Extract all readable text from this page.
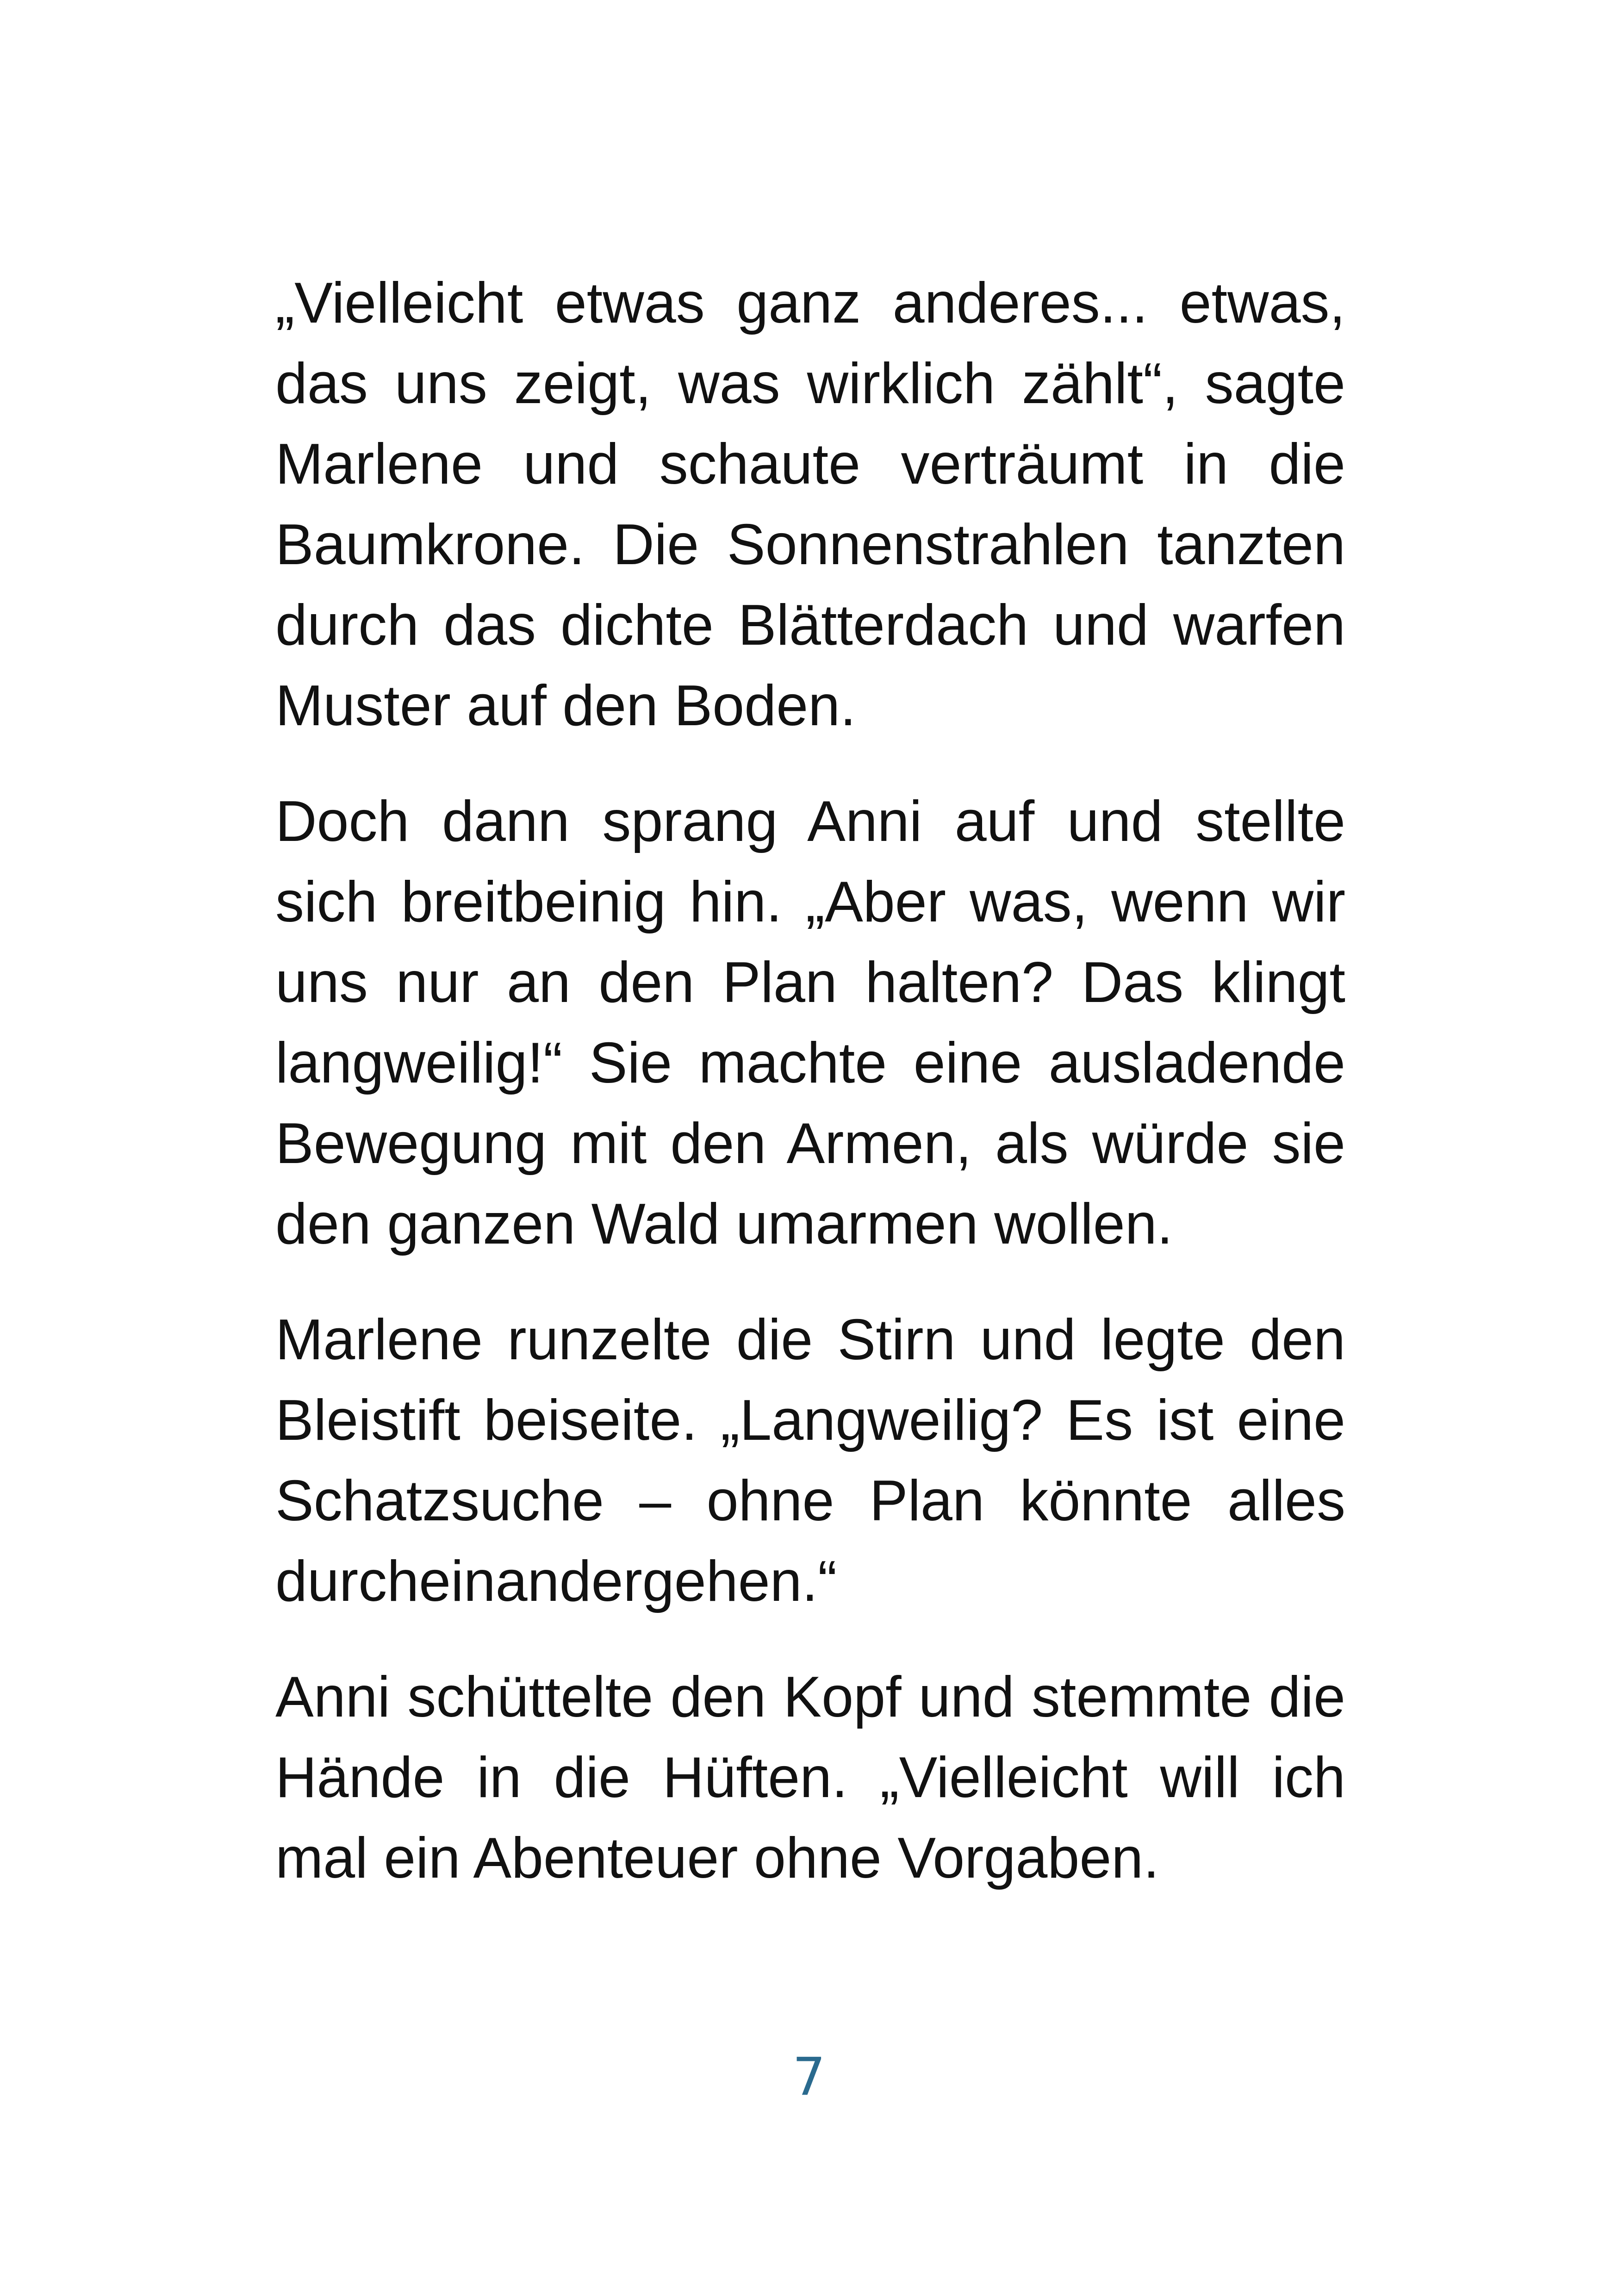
„Vielleicht etwas ganz anderes... etwas, das uns zeigt, was wirklich zählt“, sagte Marlene und schaute verträumt in die Baumkrone. Die Sonnenstrahlen tanzten durch das dichte Blätterdach und warfen Muster auf den Boden.

Doch dann sprang Anni auf und stellte sich breitbeinig hin. „Aber was, wenn wir uns nur an den Plan halten? Das klingt langweilig!“ Sie machte eine ausladende Bewegung mit den Armen, als würde sie den ganzen Wald umarmen wollen.

Marlene runzelte die Stirn und legte den Bleistift beiseite. „Langweilig? Es ist eine Schatzsuche – ohne Plan könnte alles durcheinandergehen.“

Anni schüttelte den Kopf und stemmte die Hände in die Hüften. „Vielleicht will ich mal ein Abenteuer ohne Vorgaben.

7
